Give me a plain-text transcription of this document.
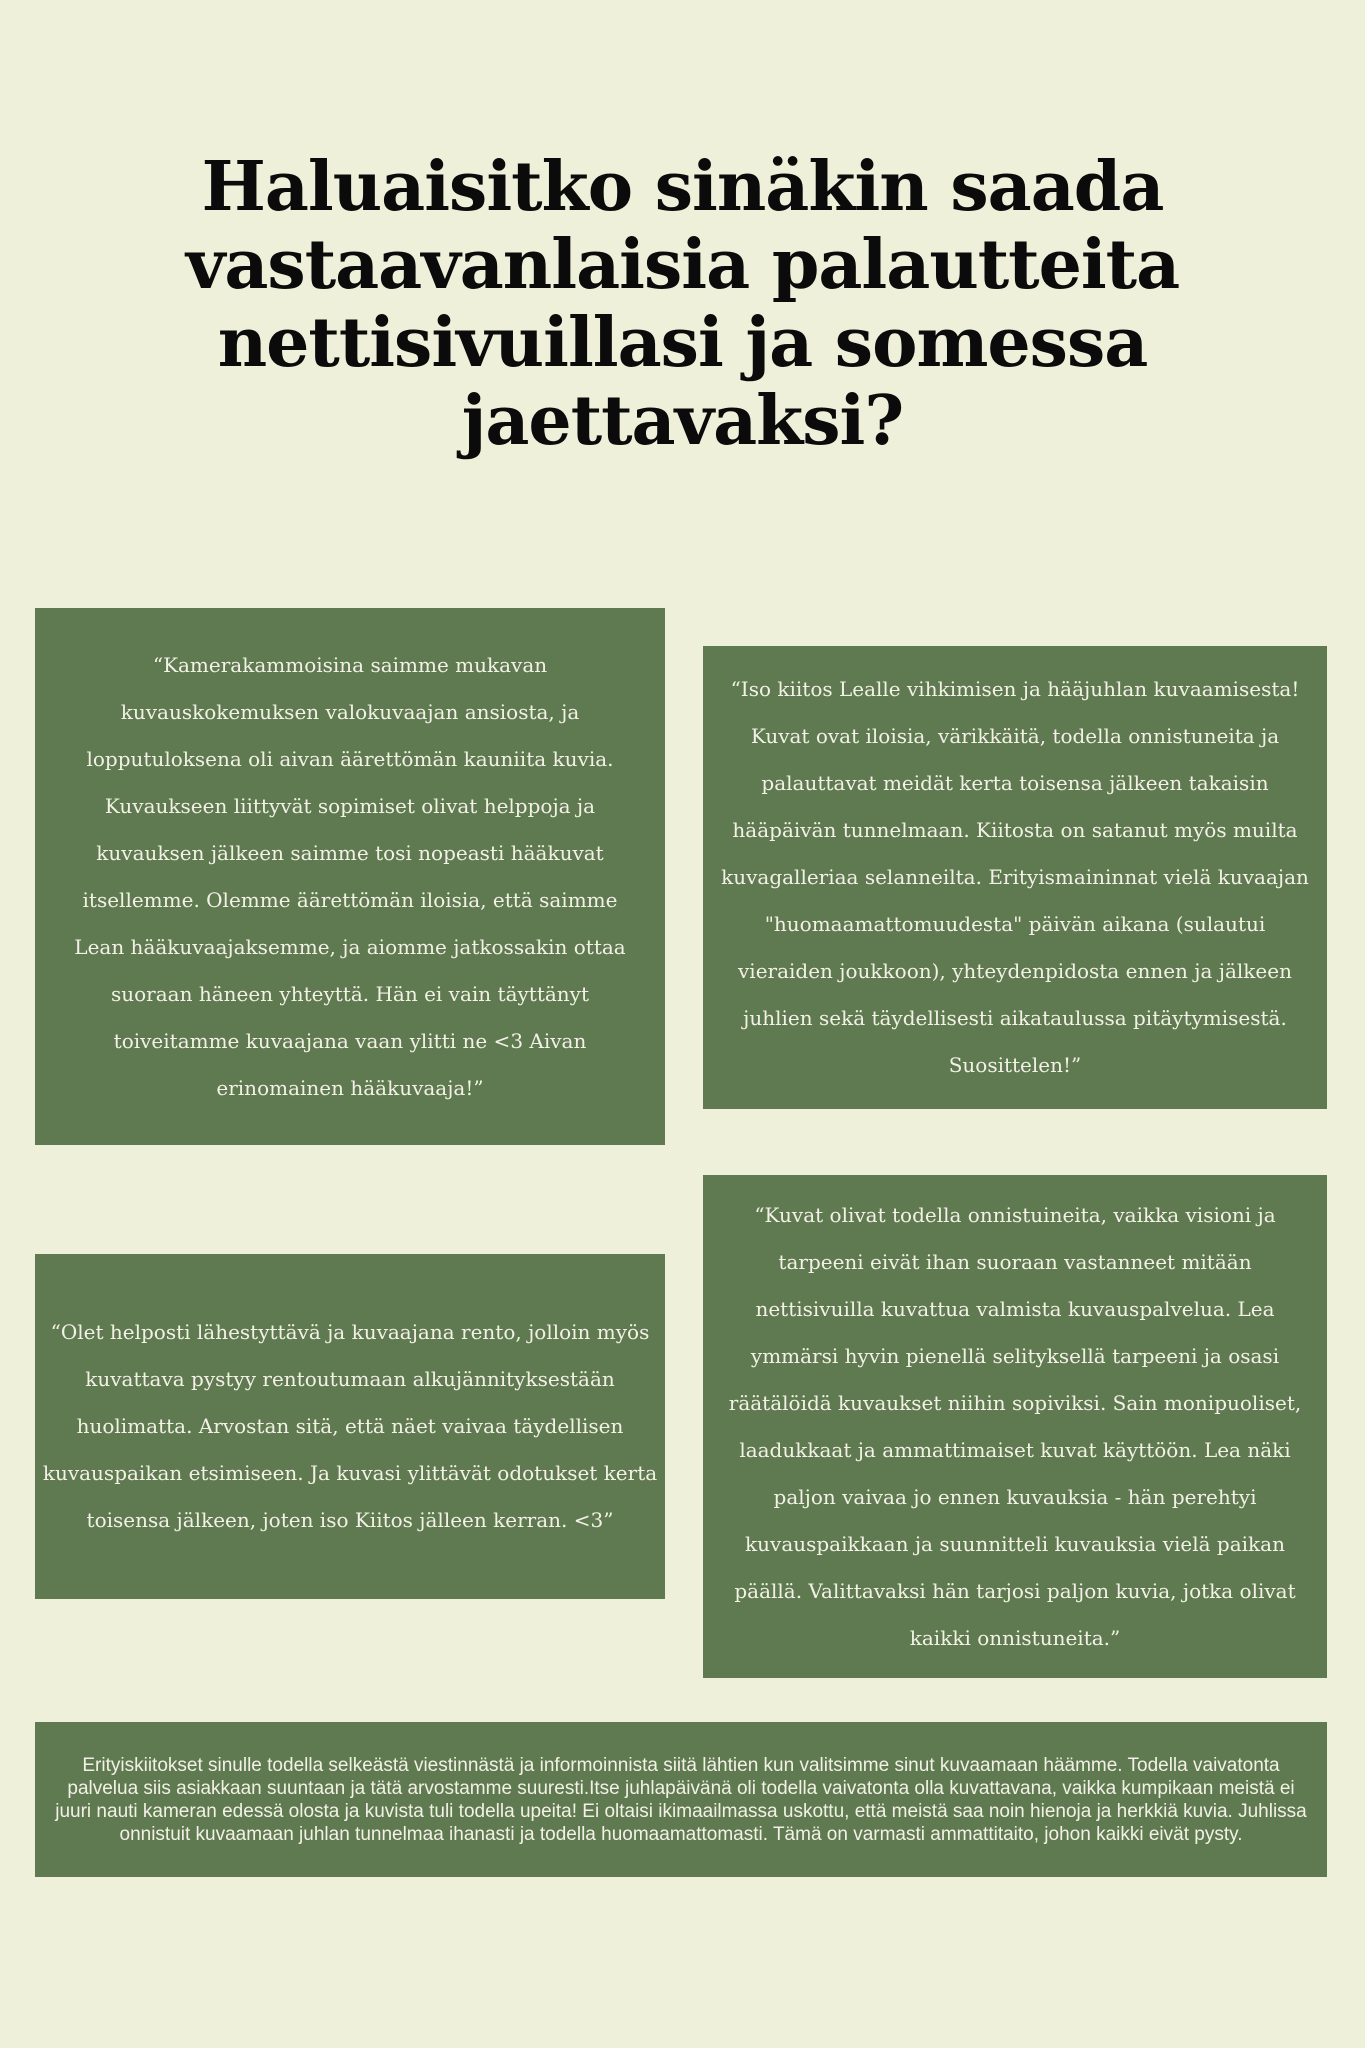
Haluaisitko sinäkin saada vastaavanlaisia palautteita nettisivuillasi ja somessa jaettavaksi?

“Kamerakammoisina saimme mukavan kuvauskokemuksen valokuvaajan ansiosta, ja lopputuloksena oli aivan äärettömän kauniita kuvia. Kuvaukseen liittyvät sopimiset olivat helppoja ja kuvauksen jälkeen saimme tosi nopeasti hääkuvat itsellemme. Olemme äärettömän iloisia, että saimme Lean hääkuvaajaksemme, ja aiomme jatkossakin ottaa suoraan häneen yhteyttä. Hän ei vain täyttänyt toiveitamme kuvaajana vaan ylitti ne <3 Aivan erinomainen hääkuvaaja!”

“Iso kiitos Lealle vihkimisen ja hääjuhlan kuvaamisesta! Kuvat ovat iloisia, värikkäitä, todella onnistuneita ja palauttavat meidät kerta toisensa jälkeen takaisin hääpäivän tunnelmaan. Kiitosta on satanut myös muilta kuvagalleriaa selanneilta. Erityismaininnat vielä kuvaajan "huomaamattomuudesta" päivän aikana (sulautui vieraiden joukkoon), yhteydenpidosta ennen ja jälkeen juhlien sekä täydellisesti aikataulussa pitäytymisestä. Suosittelen!”

“Olet helposti lähestyttävä ja kuvaajana rento, jolloin myös kuvattava pystyy rentoutumaan alkujännityksestään huolimatta. Arvostan sitä, että näet vaivaa täydellisen kuvauspaikan etsimiseen. Ja kuvasi ylittävät odotukset kerta toisensa jälkeen, joten iso Kiitos jälleen kerran. <3”

“Kuvat olivat todella onnistuineita, vaikka visioni ja tarpeeni eivät ihan suoraan vastanneet mitään nettisivuilla kuvattua valmista kuvauspalvelua. Lea ymmärsi hyvin pienellä selityksellä tarpeeni ja osasi räätälöidä kuvaukset niihin sopiviksi. Sain monipuoliset, laadukkaat ja ammattimaiset kuvat käyttöön. Lea näki paljon vaivaa jo ennen kuvauksia - hän perehtyi kuvauspaikkaan ja suunnitteli kuvauksia vielä paikan päällä. Valittavaksi hän tarjosi paljon kuvia, jotka olivat kaikki onnistuneita.”

Erityiskiitokset sinulle todella selkeästä viestinnästä ja informoinnista siitä lähtien kun valitsimme sinut kuvaamaan häämme. Todella vaivatonta palvelua siis asiakkaan suuntaan ja tätä arvostamme suuresti.Itse juhlapäivänä oli todella vaivatonta olla kuvattavana, vaikka kumpikaan meistä ei juuri nauti kameran edessä olosta ja kuvista tuli todella upeita! Ei oltaisi ikimaailmassa uskottu, että meistä saa noin hienoja ja herkkiä kuvia. Juhlissa onnistuit kuvaamaan juhlan tunnelmaa ihanasti ja todella huomaamattomasti. Tämä on varmasti ammattitaito, johon kaikki eivät pysty.
